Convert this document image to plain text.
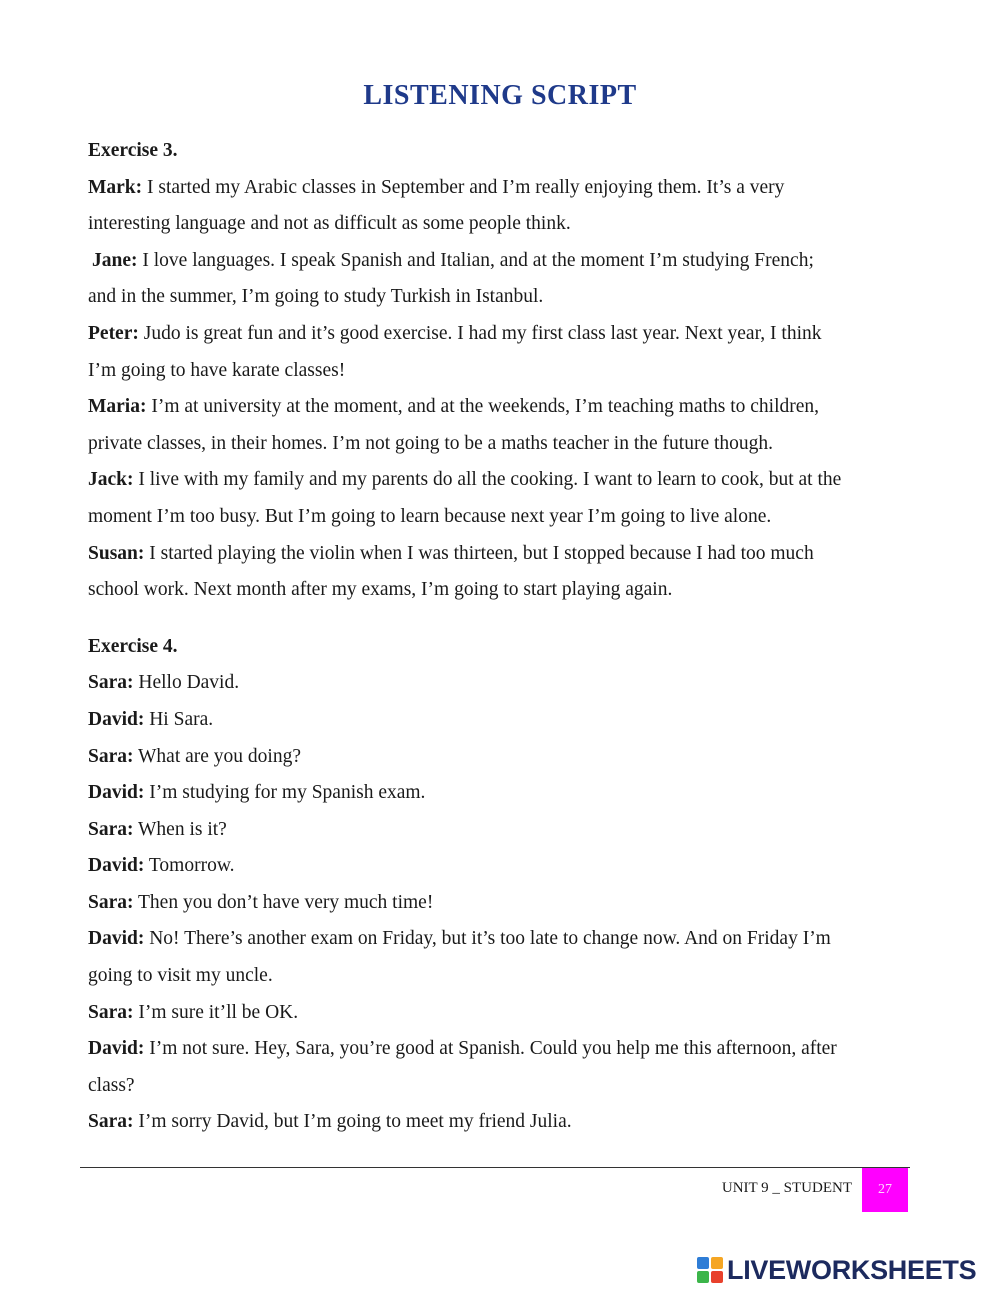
LISTENING SCRIPT
Exercise 3.
Mark: I started my Arabic classes in September and I’m really enjoying them. It’s a very
interesting language and not as difficult as some people think.
Jane: I love languages. I speak Spanish and Italian, and at the moment I’m studying French;
and in the summer, I’m going to study Turkish in Istanbul.
Peter: Judo is great fun and it’s good exercise. I had my first class last year. Next year, I think
I’m going to have karate classes!
Maria: I’m at university at the moment, and at the weekends, I’m teaching maths to children,
private classes, in their homes. I’m not going to be a maths teacher in the future though.
Jack: I live with my family and my parents do all the cooking. I want to learn to cook, but at the
moment I’m too busy. But I’m going to learn because next year I’m going to live alone.
Susan: I started playing the violin when I was thirteen, but I stopped because I had too much
school work. Next month after my exams, I’m going to start playing again.
Exercise 4.
Sara: Hello David.
David: Hi Sara.
Sara: What are you doing?
David: I’m studying for my Spanish exam.
Sara: When is it?
David: Tomorrow.
Sara: Then you don’t have very much time!
David: No! There’s another exam on Friday, but it’s too late to change now. And on Friday I’m
going to visit my uncle.
Sara: I’m sure it’ll be OK.
David: I’m not sure. Hey, Sara, you’re good at Spanish. Could you help me this afternoon, after
class?
Sara: I’m sorry David, but I’m going to meet my friend Julia.
UNIT 9 _ STUDENT 27
LIVEWORKSHEETS
